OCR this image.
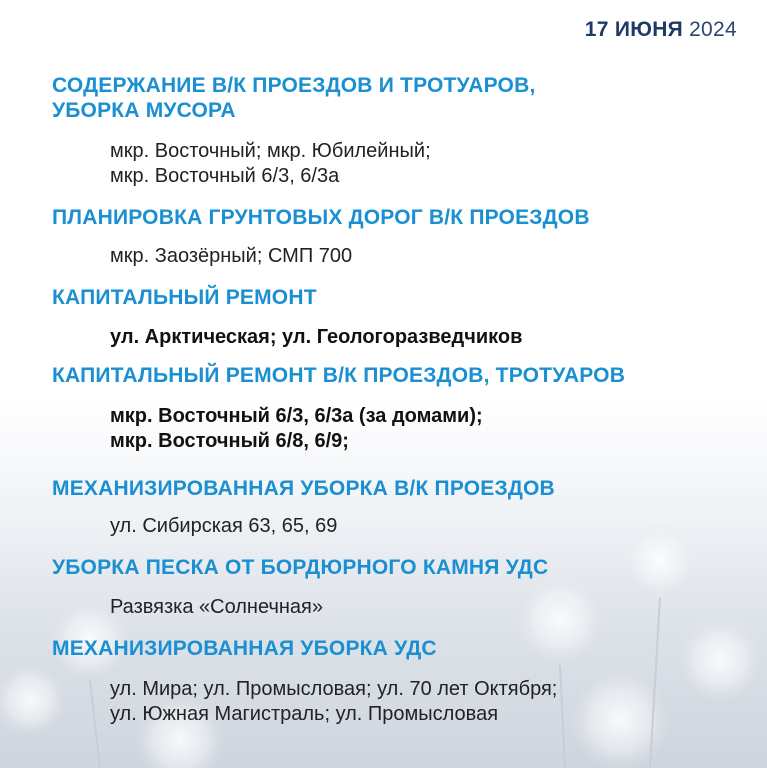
17 ИЮНЯ 2024
СОДЕРЖАНИЕ В/К ПРОЕЗДОВ И ТРОТУАРОВ,
УБОРКА МУСОРА
мкр. Восточный; мкр. Юбилейный;
мкр. Восточный 6/3, 6/3а
ПЛАНИРОВКА ГРУНТОВЫХ ДОРОГ В/К ПРОЕЗДОВ
мкр. Заозёрный; СМП 700
КАПИТАЛЬНЫЙ РЕМОНТ
ул. Арктическая; ул. Геологоразведчиков
КАПИТАЛЬНЫЙ РЕМОНТ В/К ПРОЕЗДОВ, ТРОТУАРОВ
мкр. Восточный 6/3, 6/3а (за домами);
мкр. Восточный 6/8, 6/9;
МЕХАНИЗИРОВАННАЯ УБОРКА В/К ПРОЕЗДОВ
ул. Сибирская 63, 65, 69
УБОРКА ПЕСКА ОТ БОРДЮРНОГО КАМНЯ УДС
Развязка «Солнечная»
МЕХАНИЗИРОВАННАЯ УБОРКА УДС
ул. Мира; ул. Промысловая; ул. 70 лет Октября;
ул. Южная Магистраль; ул. Промысловая
